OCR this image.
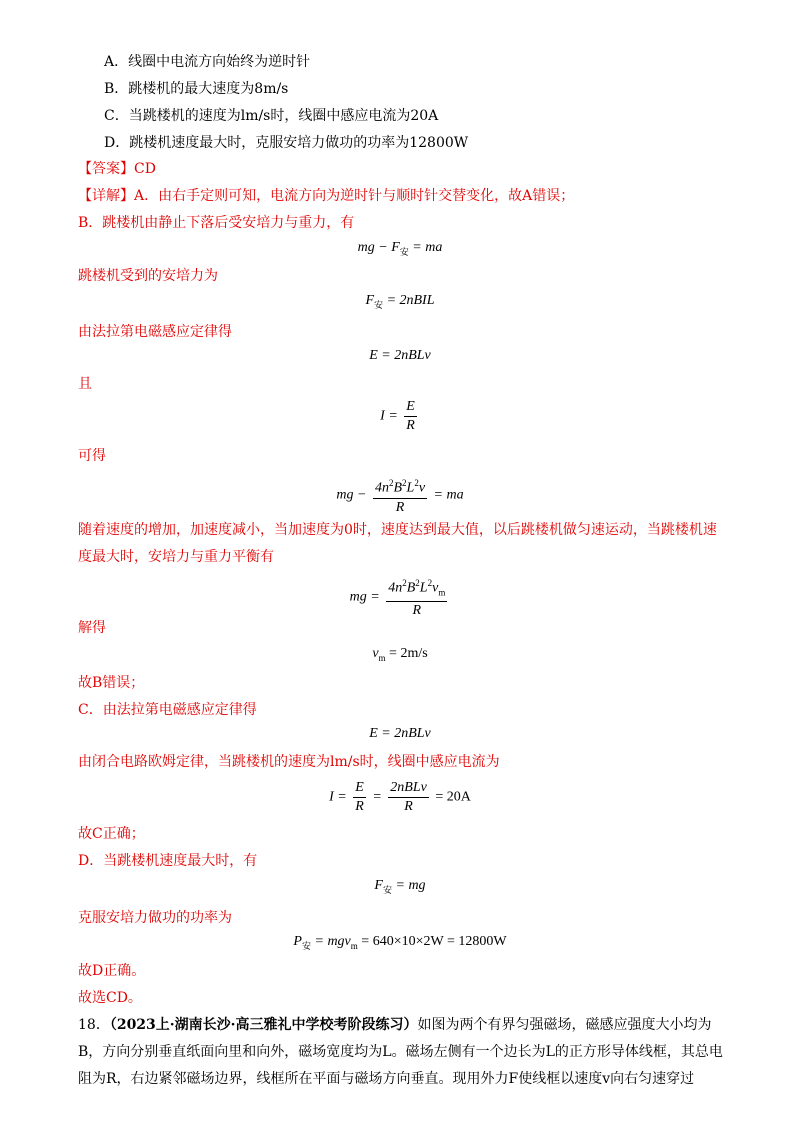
A．线圈中电流方向始终为逆时针
B．跳楼机的最大速度为8m/s
C．当跳楼机的速度为lm/s时，线圈中感应电流为20A
D．跳楼机速度最大时，克服安培力做功的功率为12800W
【答案】CD
【详解】A．由右手定则可知，电流方向为逆时针与顺时针交替变化，故A错误；
B．跳楼机由静止下落后受安培力与重力，有
mg − $F_安$ = ma
跳楼机受到的安培力为
$F_安$ = 2nBIL
由法拉第电磁感应定律得
E = 2nBLv
且
$I = \frac{E}{R}$
可得
mg − $\frac{4n^2B^2L^2v}{R}$ = ma
随着速度的增加，加速度减小，当加速度为0时，速度达到最大值，以后跳楼机做匀速运动，当跳楼机速度最大时，安培力与重力平衡有
mg = $\frac{4n^2B^2L^2v_m}{R}$
解得
$v_m = 2m/s$
故B错误；
C．由法拉第电磁感应定律得
E = 2nBLv
由闭合电路欧姆定律，当跳楼机的速度为lm/s时，线圈中感应电流为
$I = \frac{E}{R} = \frac{\text{2nBLv}}{R} = 20A$
故C正确；
D．当跳楼机速度最大时，有
$F_安$ = mg
克服安培力做功的功率为
$P_安 = mgv_m = 640\times 10\times 2W = 12800W$
故D正确。
故选CD。
18．（2023上·湖南长沙·高三雅礼中学校考阶段练习）如图为两个有界匀强磁场，磁感应强度大小均为B，方向分别垂直纸面向里和向外，磁场宽度均为L。磁场左侧有一个边长为L的正方形导体线框，其总电阻为R，右边紧邻磁场边界，线框所在平面与磁场方向垂直。现用外力F使线框以速度v向右匀速穿过
